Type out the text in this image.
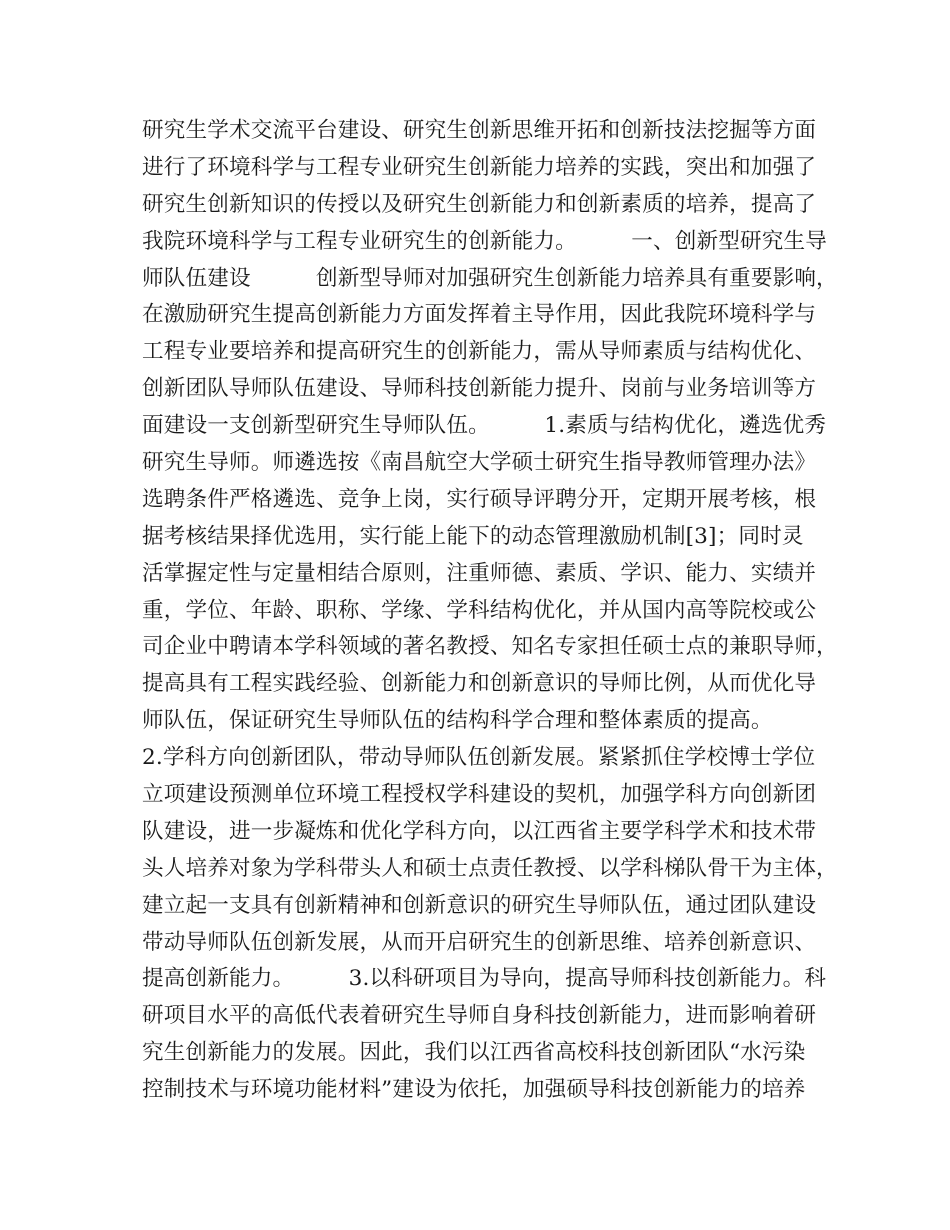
研究生学术交流平台建设、研究生创新思维开拓和创新技法挖掘等方面
进行了环境科学与工程专业研究生创新能力培养的实践，突出和加强了
研究生创新知识的传授以及研究生创新能力和创新素质的培养，提高了
我院环境科学与工程专业研究生的创新能力。　　　一、创新型研究生导
师队伍建设　　　创新型导师对加强研究生创新能力培养具有重要影响，
在激励研究生提高创新能力方面发挥着主导作用，因此我院环境科学与
工程专业要培养和提高研究生的创新能力，需从导师素质与结构优化、
创新团队导师队伍建设、导师科技创新能力提升、岗前与业务培训等方
面建设一支创新型研究生导师队伍。　　　1.素质与结构优化，遴选优秀
研究生导师。师遴选按《南昌航空大学硕士研究生指导教师管理办法》
选聘条件严格遴选、竞争上岗，实行硕导评聘分开，定期开展考核，根
据考核结果择优选用，实行能上能下的动态管理激励机制[3]；同时灵
活掌握定性与定量相结合原则，注重师德、素质、学识、能力、实绩并
重，学位、年龄、职称、学缘、学科结构优化，并从国内高等院校或公
司企业中聘请本学科领域的著名教授、知名专家担任硕士点的兼职导师，
提高具有工程实践经验、创新能力和创新意识的导师比例，从而优化导
师队伍，保证研究生导师队伍的结构科学合理和整体素质的提高。
2.学科方向创新团队，带动导师队伍创新发展。紧紧抓住学校博士学位
立项建设预测单位环境工程授权学科建设的契机，加强学科方向创新团
队建设，进一步凝炼和优化学科方向，以江西省主要学科学术和技术带
头人培养对象为学科带头人和硕士点责任教授、以学科梯队骨干为主体，
建立起一支具有创新精神和创新意识的研究生导师队伍，通过团队建设
带动导师队伍创新发展，从而开启研究生的创新思维、培养创新意识、
提高创新能力。　　　3.以科研项目为导向，提高导师科技创新能力。科
研项目水平的高低代表着研究生导师自身科技创新能力，进而影响着研
究生创新能力的发展。因此，我们以江西省高校科技创新团队“水污染
控制技术与环境功能材料”建设为依托，加强硕导科技创新能力的培养
